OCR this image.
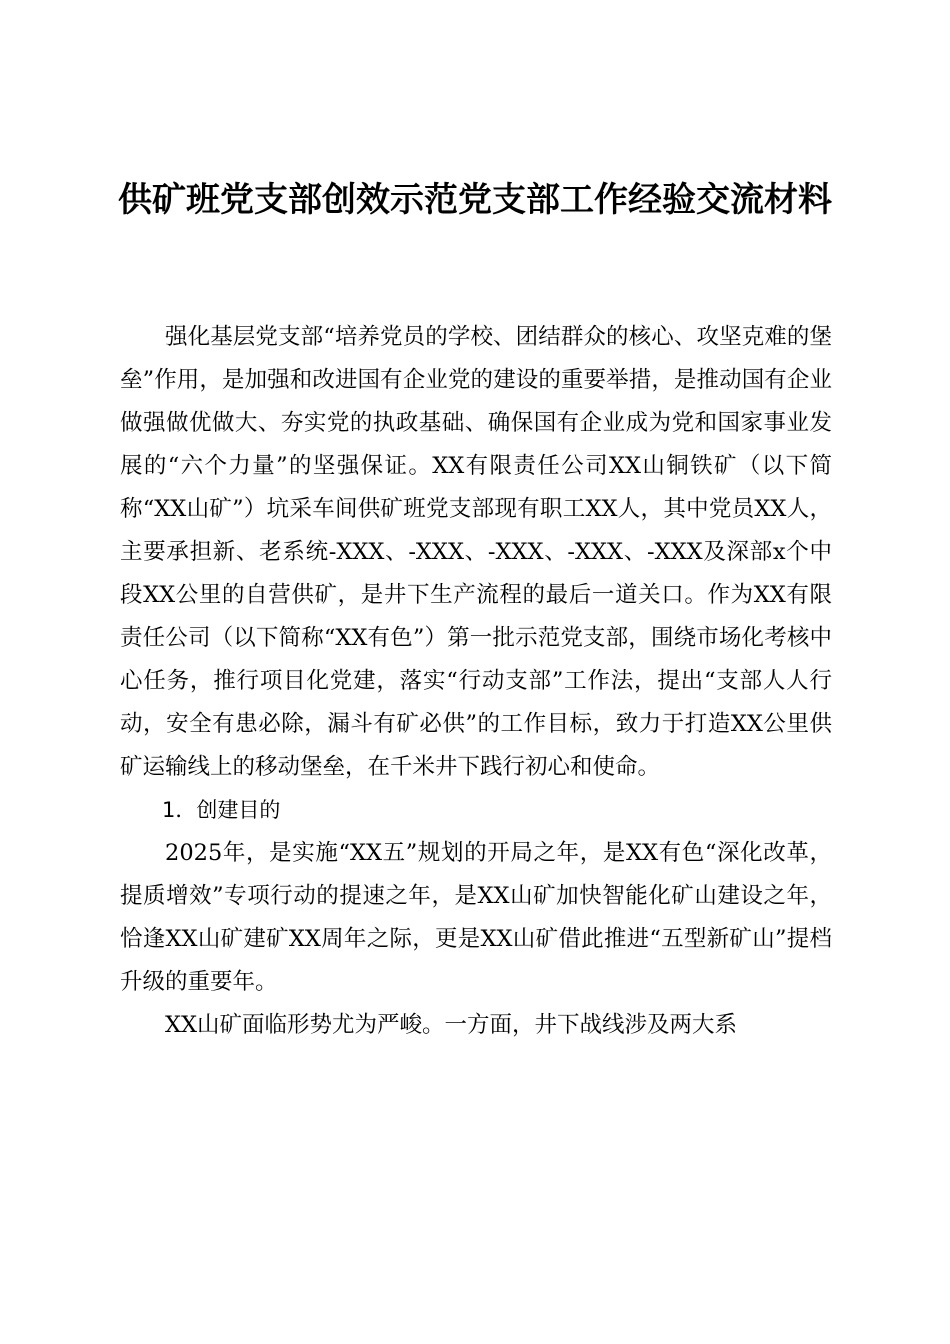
供矿班党支部创效示范党支部工作经验交流材料

强化基层党支部“培养党员的学校、团结群众的核心、攻坚克难的堡垒”作用，是加强和改进国有企业党的建设的重要举措，是推动国有企业做强做优做大、夯实党的执政基础、确保国有企业成为党和国家事业发展的“六个力量”的坚强保证。XX有限责任公司XX山铜铁矿（以下简称“XX山矿”）坑采车间供矿班党支部现有职工XX人，其中党员XX人，主要承担新、老系统-XXX、-XXX、-XXX、-XXX、-XXX及深部x个中段XX公里的自营供矿，是井下生产流程的最后一道关口。作为XX有限责任公司（以下简称“XX有色”）第一批示范党支部，围绕市场化考核中心任务，推行项目化党建，落实“行动支部”工作法，提出“支部人人行动，安全有患必除，漏斗有矿必供”的工作目标，致力于打造XX公里供矿运输线上的移动堡垒，在千米井下践行初心和使命。

1．创建目的

2025年，是实施“XX五”规划的开局之年，是XX有色“深化改革，提质增效”专项行动的提速之年，是XX山矿加快智能化矿山建设之年，恰逢XX山矿建矿XX周年之际，更是XX山矿借此推进“五型新矿山”提档升级的重要年。

XX山矿面临形势尤为严峻。一方面，井下战线涉及两大系
